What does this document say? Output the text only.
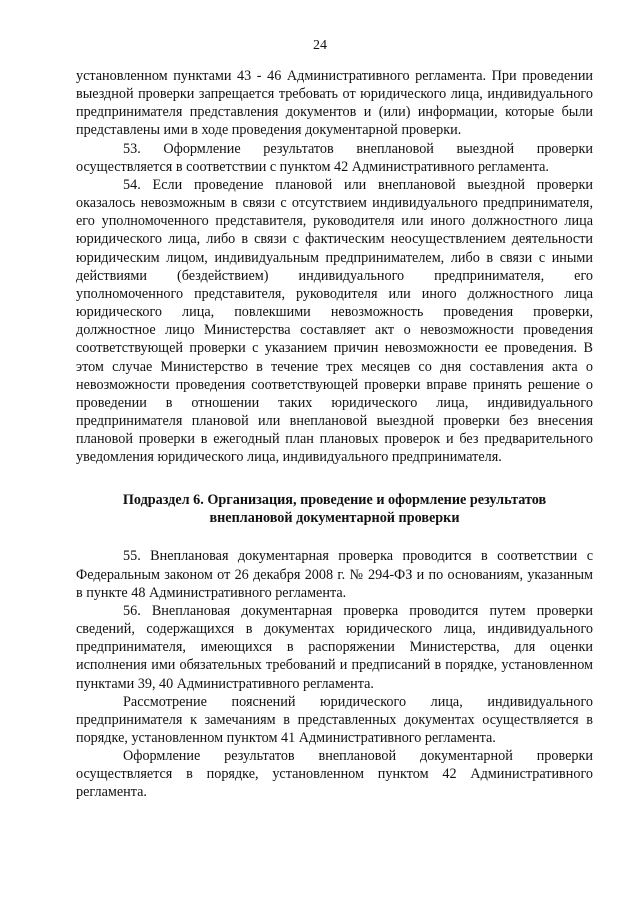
24

установленном пунктами 43 - 46 Административного регламента. При проведении выездной проверки запрещается требовать от юридического лица, индивидуального предпринимателя представления документов и (или) информации, которые были представлены ими в ходе проведения документарной проверки.

53. Оформление результатов внеплановой выездной проверки осуществляется в соответствии с пунктом 42 Административного регламента.

54. Если проведение плановой или внеплановой выездной проверки оказалось невозможным в связи с отсутствием индивидуального предпринимателя, его уполномоченного представителя, руководителя или иного должностного лица юридического лица, либо в связи с фактическим неосуществлением деятельности юридическим лицом, индивидуальным предпринимателем, либо в связи с иными действиями (бездействием) индивидуального предпринимателя, его уполномоченного представителя, руководителя или иного должностного лица юридического лица, повлекшими невозможность проведения проверки, должностное лицо Министерства составляет акт о невозможности проведения соответствующей проверки с указанием причин невозможности ее проведения. В этом случае Министерство в течение трех месяцев со дня составления акта о невозможности проведения соответствующей проверки вправе принять решение о проведении в отношении таких юридического лица, индивидуального предпринимателя плановой или внеплановой выездной проверки без внесения плановой проверки в ежегодный план плановых проверок и без предварительного уведомления юридического лица, индивидуального предпринимателя.

Подраздел 6. Организация, проведение и оформление результатов
внеплановой документарной проверки

55. Внеплановая документарная проверка проводится в соответствии с Федеральным законом от 26 декабря 2008 г. № 294-ФЗ и по основаниям, указанным в пункте 48 Административного регламента.

56. Внеплановая документарная проверка проводится путем проверки сведений, содержащихся в документах юридического лица, индивидуального предпринимателя, имеющихся в распоряжении Министерства, для оценки исполнения ими обязательных требований и предписаний в порядке, установленном пунктами 39, 40 Административного регламента.

Рассмотрение пояснений юридического лица, индивидуального предпринимателя к замечаниям в представленных документах осуществляется в порядке, установленном пунктом 41 Административного регламента.

Оформление результатов внеплановой документарной проверки осуществляется в порядке, установленном пунктом 42 Административного регламента.
